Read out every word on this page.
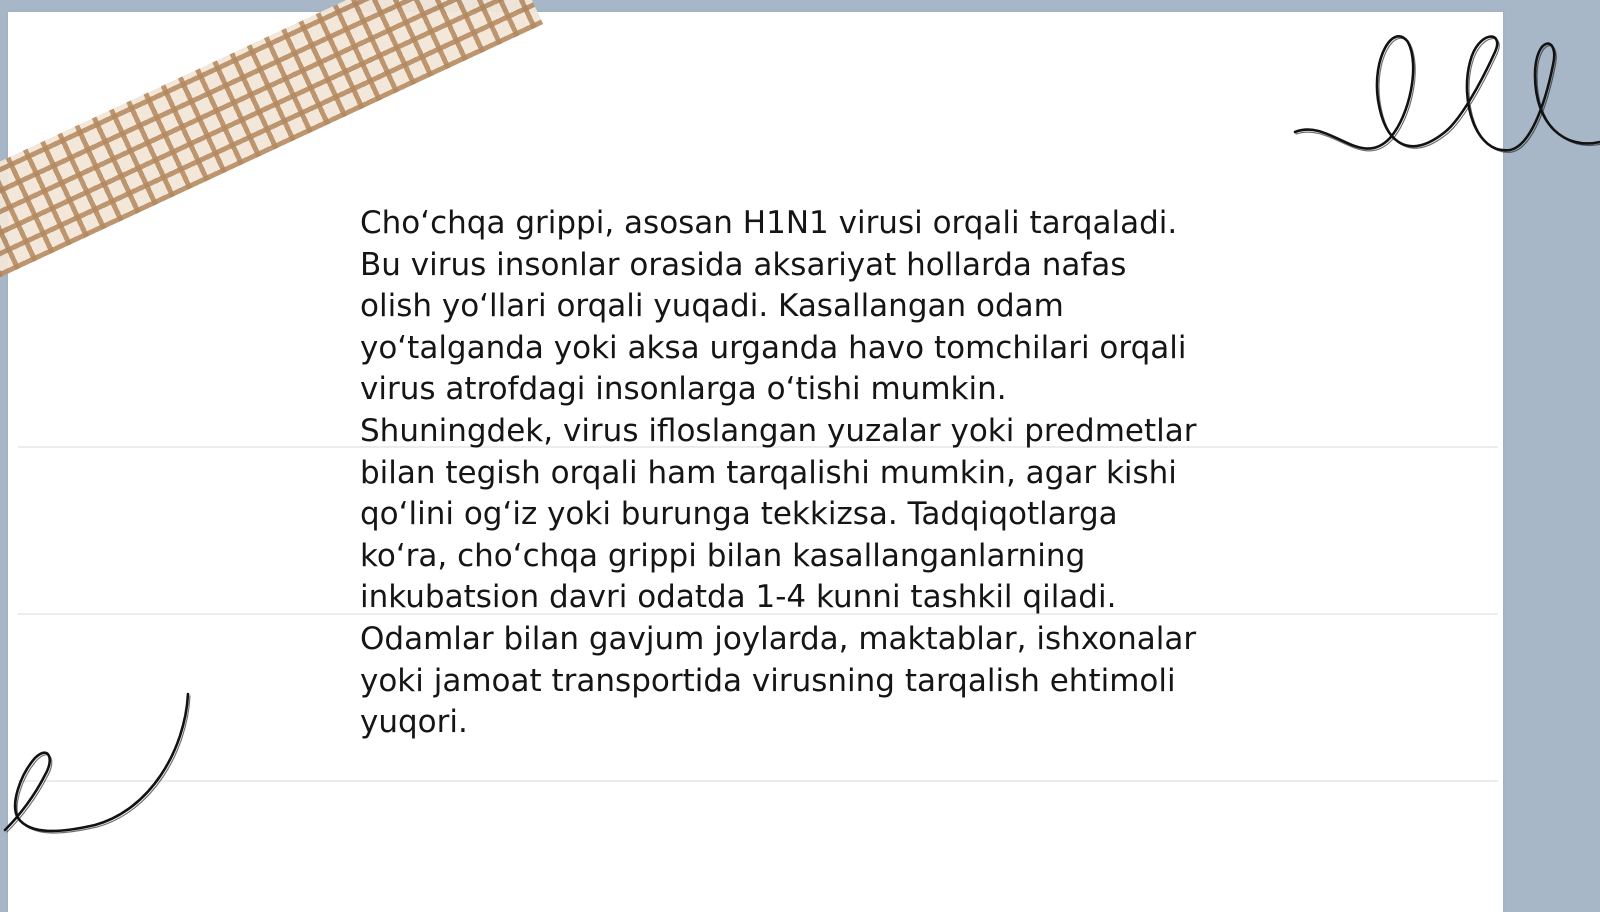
Choʻchqa grippi, asosan H1N1 virusi orqali tarqaladi.
Bu virus insonlar orasida aksariyat hollarda nafas
olish yoʻllari orqali yuqadi. Kasallangan odam
yoʻtalganda yoki aksa urganda havo tomchilari orqali
virus atrofdagi insonlarga oʻtishi mumkin.
Shuningdek, virus ifloslangan yuzalar yoki predmetlar
bilan tegish orqali ham tarqalishi mumkin, agar kishi
qoʻlini ogʻiz yoki burunga tekkizsa. Tadqiqotlarga
koʻra, choʻchqa grippi bilan kasallanganlarning
inkubatsion davri odatda 1-4 kunni tashkil qiladi.
Odamlar bilan gavjum joylarda, maktablar, ishxonalar
yoki jamoat transportida virusning tarqalish ehtimoli
yuqori.
